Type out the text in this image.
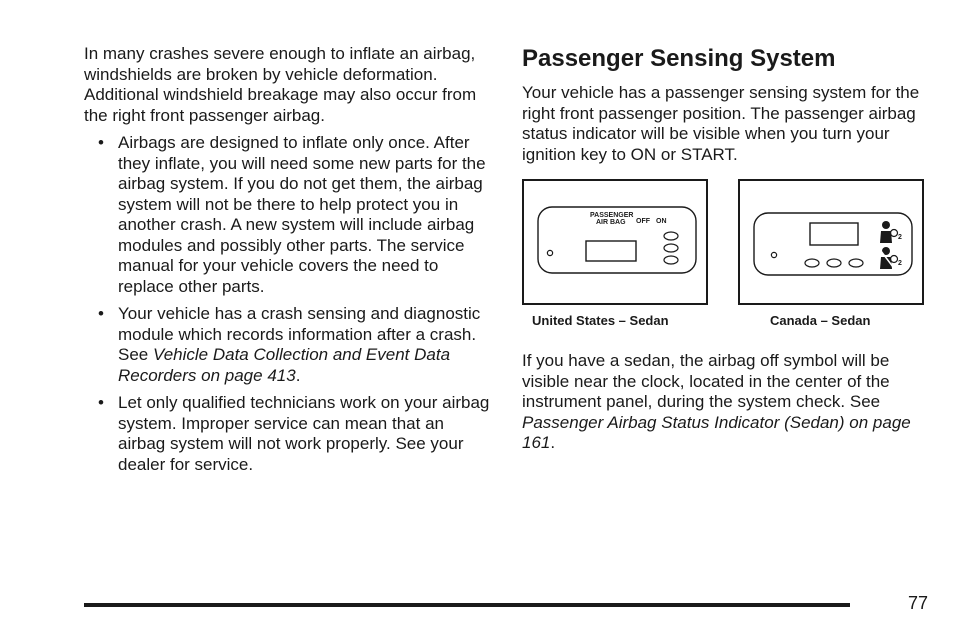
In many crashes severe enough to inflate an airbag, windshields are broken by vehicle deformation. Additional windshield breakage may also occur from the right front passenger airbag.

• Airbags are designed to inflate only once. After they inflate, you will need some new parts for the airbag system. If you do not get them, the airbag system will not be there to help protect you in another crash. A new system will include airbag modules and possibly other parts. The service manual for your vehicle covers the need to replace other parts.
• Your vehicle has a crash sensing and diagnostic module which records information after a crash. See Vehicle Data Collection and Event Data Recorders on page 413.
• Let only qualified technicians work on your airbag system. Improper service can mean that an airbag system will not work properly. See your dealer for service.
Passenger Sensing System

Your vehicle has a passenger sensing system for the right front passenger position. The passenger airbag status indicator will be visible when you turn your ignition key to ON or START.

PASSENGER
AIR BAG OFF ON
2
2
United States – Sedan	Canada – Sedan

If you have a sedan, the airbag off symbol will be visible near the clock, located in the center of the instrument panel, during the system check. See Passenger Airbag Status Indicator (Sedan) on page 161.

77
